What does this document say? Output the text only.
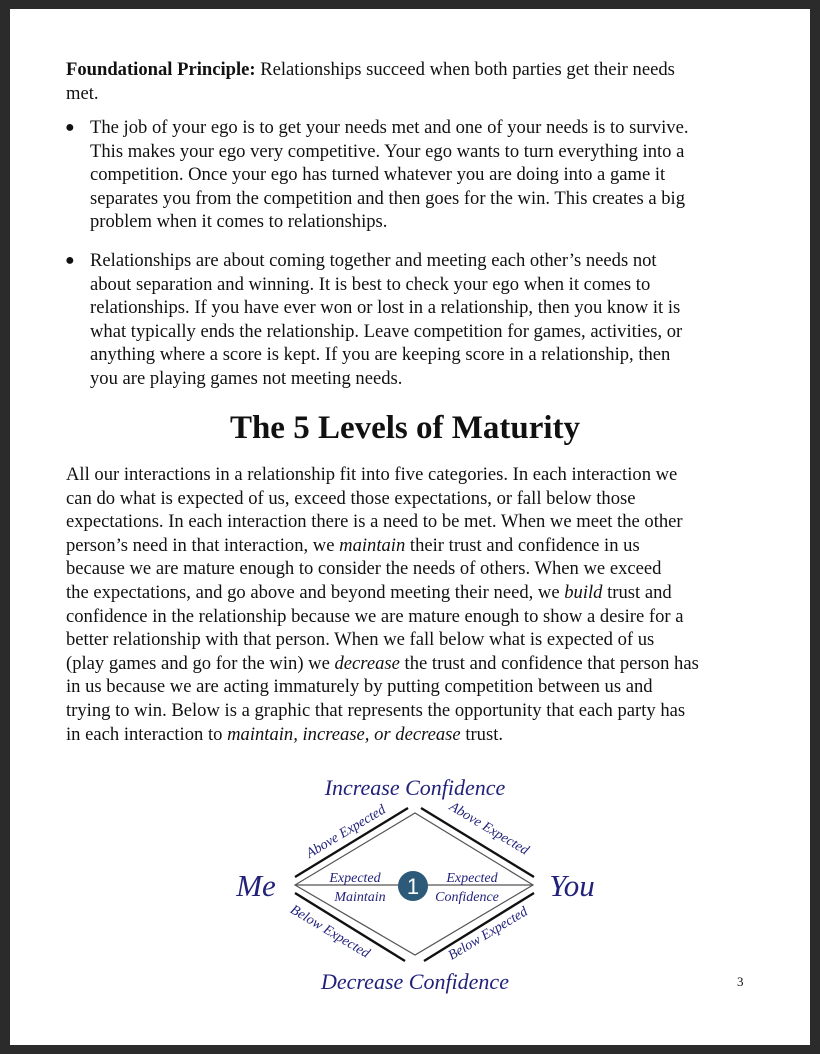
Foundational Principle: Relationships succeed when both parties get their needs
met.
● The job of your ego is to get your needs met and one of your needs is to survive.
This makes your ego very competitive. Your ego wants to turn everything into a
competition. Once your ego has turned whatever you are doing into a game it
separates you from the competition and then goes for the win. This creates a big
problem when it comes to relationships.
● Relationships are about coming together and meeting each other’s needs not
about separation and winning. It is best to check your ego when it comes to
relationships. If you have ever won or lost in a relationship, then you know it is
what typically ends the relationship. Leave competition for games, activities, or
anything where a score is kept. If you are keeping score in a relationship, then
you are playing games not meeting needs.
The 5 Levels of Maturity
All our interactions in a relationship fit into five categories. In each interaction we
can do what is expected of us, exceed those expectations, or fall below those
expectations. In each interaction there is a need to be met. When we meet the other
person’s need in that interaction, we maintain their trust and confidence in us
because we are mature enough to consider the needs of others. When we exceed
the expectations, and go above and beyond meeting their need, we build trust and
confidence in the relationship because we are mature enough to show a desire for a
better relationship with that person. When we fall below what is expected of us
(play games and go for the win) we decrease the trust and confidence that person has
in us because we are acting immaturely by putting competition between us and
trying to win. Below is a graphic that represents the opportunity that each party has
in each interaction to maintain, increase, or decrease trust.
Increase Confidence
Decrease Confidence
Me	You
Above Expected	Above Expected
Below Expected	Below Expected
Expected
Maintain
Expected
Confidence
1
3
